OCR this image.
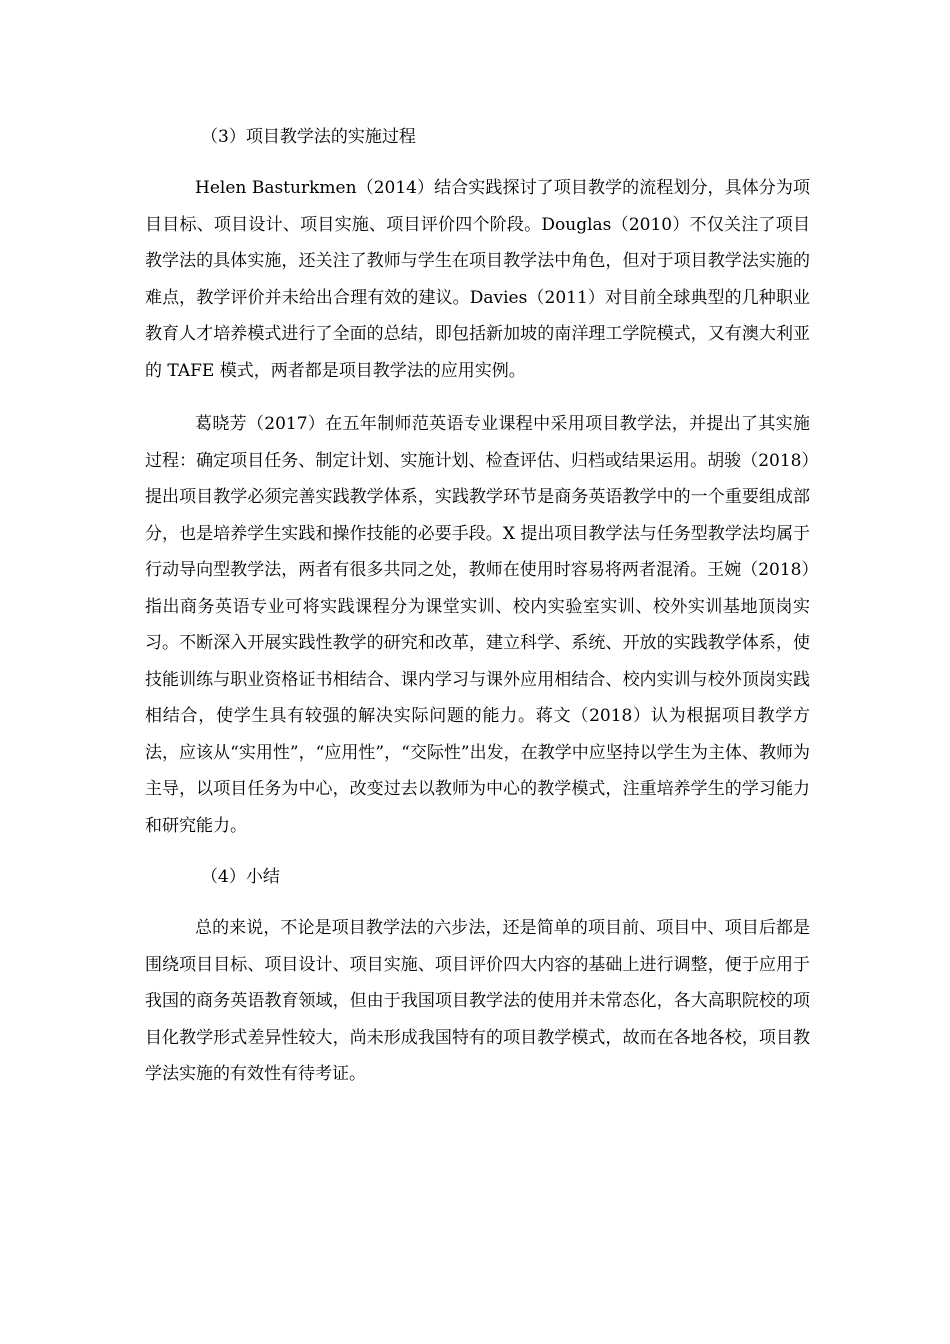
（3）项目教学法的实施过程

Helen Basturkmen（2014）结合实践探讨了项目教学的流程划分，具体分为项目目标、项目设计、项目实施、项目评价四个阶段。Douglas（2010）不仅关注了项目教学法的具体实施，还关注了教师与学生在项目教学法中角色，但对于项目教学法实施的难点，教学评价并未给出合理有效的建议。Davies（2011）对目前全球典型的几种职业教育人才培养模式进行了全面的总结，即包括新加坡的南洋理工学院模式，又有澳大利亚的 TAFE 模式，两者都是项目教学法的应用实例。

葛晓芳（2017）在五年制师范英语专业课程中采用项目教学法，并提出了其实施过程：确定项目任务、制定计划、实施计划、检查评估、归档或结果运用。胡骏（2018）提出项目教学必须完善实践教学体系，实践教学环节是商务英语教学中的一个重要组成部分，也是培养学生实践和操作技能的必要手段。X 提出项目教学法与任务型教学法均属于行动导向型教学法，两者有很多共同之处，教师在使用时容易将两者混淆。王婉（2018）指出商务英语专业可将实践课程分为课堂实训、校内实验室实训、校外实训基地顶岗实习。不断深入开展实践性教学的研究和改革，建立科学、系统、开放的实践教学体系，使技能训练与职业资格证书相结合、课内学习与课外应用相结合、校内实训与校外顶岗实践相结合，使学生具有较强的解决实际问题的能力。蒋文（2018）认为根据项目教学方法，应该从“实用性”，“应用性”，“交际性”出发，在教学中应坚持以学生为主体、教师为主导，以项目任务为中心，改变过去以教师为中心的教学模式，注重培养学生的学习能力和研究能力。

（4）小结

总的来说，不论是项目教学法的六步法，还是简单的项目前、项目中、项目后都是围绕项目目标、项目设计、项目实施、项目评价四大内容的基础上进行调整，便于应用于我国的商务英语教育领域，但由于我国项目教学法的使用并未常态化，各大高职院校的项目化教学形式差异性较大，尚未形成我国特有的项目教学模式，故而在各地各校，项目教学法实施的有效性有待考证。
